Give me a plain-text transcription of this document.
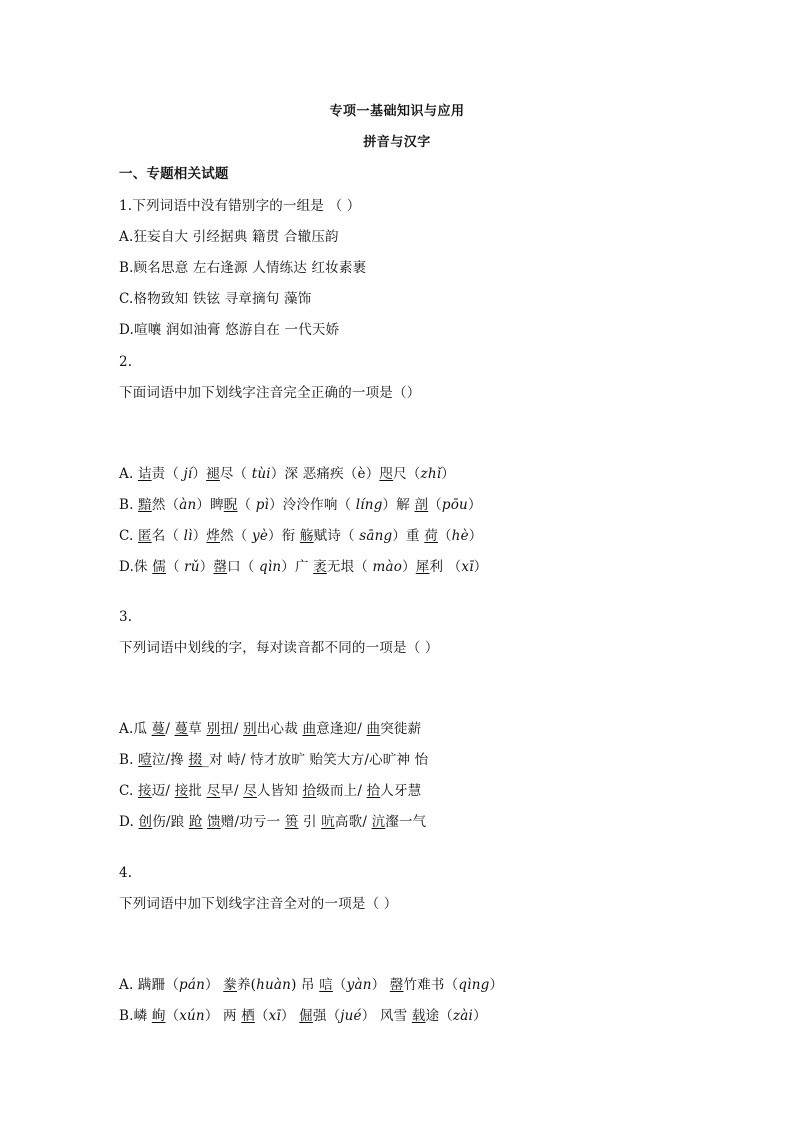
专项一基础知识与应用
拼音与汉字
一、专题相关试题
1.下列词语中没有错别字的一组是 （ ）
A.狂妄自大 引经据典 籍贯 合辙压韵
B.顾名思意 左右逢源 人情练达 红妆素裹
C.格物致知 铁铉 寻章摘句 藻饰
D.喧嚷 润如油膏 悠游自在 一代天娇
2.
下面词语中加下划线字注音完全正确的一项是（）
A. 诘责（ jí）褪尽（ tùi）深 恶痛疾（è）咫尺（zhǐ）
B. 黯然（àn）睥睨（ pì）泠泠作响（ líng）解 剖（pōu）
C. 匿名（ lì）烨然（ yè）衔 觞赋诗（ sāng）重 荷（hè）
D.侏 儒（ rǔ）罄口（ qìn）广 袤无垠（ mào）犀利 （xī）
3.
下列词语中划线的字，每对读音都不同的一项是（ ）
A.瓜 蔓/ 蔓草 别扭/ 别出心裁 曲意逢迎/ 曲突徙薪
B. 噎泣/搀 掇_对 峙/ 恃才放旷 贻笑大方/心旷神 怡
C. 接迈/ 接批 尽早/ 尽人皆知 拾级而上/ 拾人牙慧
D. 创伤/踉 跄 馈赠/功亏一 篑 引 吭高歌/ 沆瀣一气
4.
下列词语中加下划线字注音全对的一项是（ ）
A. 蹒跚（pán） 豢养(huàn) 吊 唁（yàn） 罄竹难书（qìng）
B.嶙 峋（xún） 两 栖（xī） 倔强（jué） 风雪 载途（zài）
